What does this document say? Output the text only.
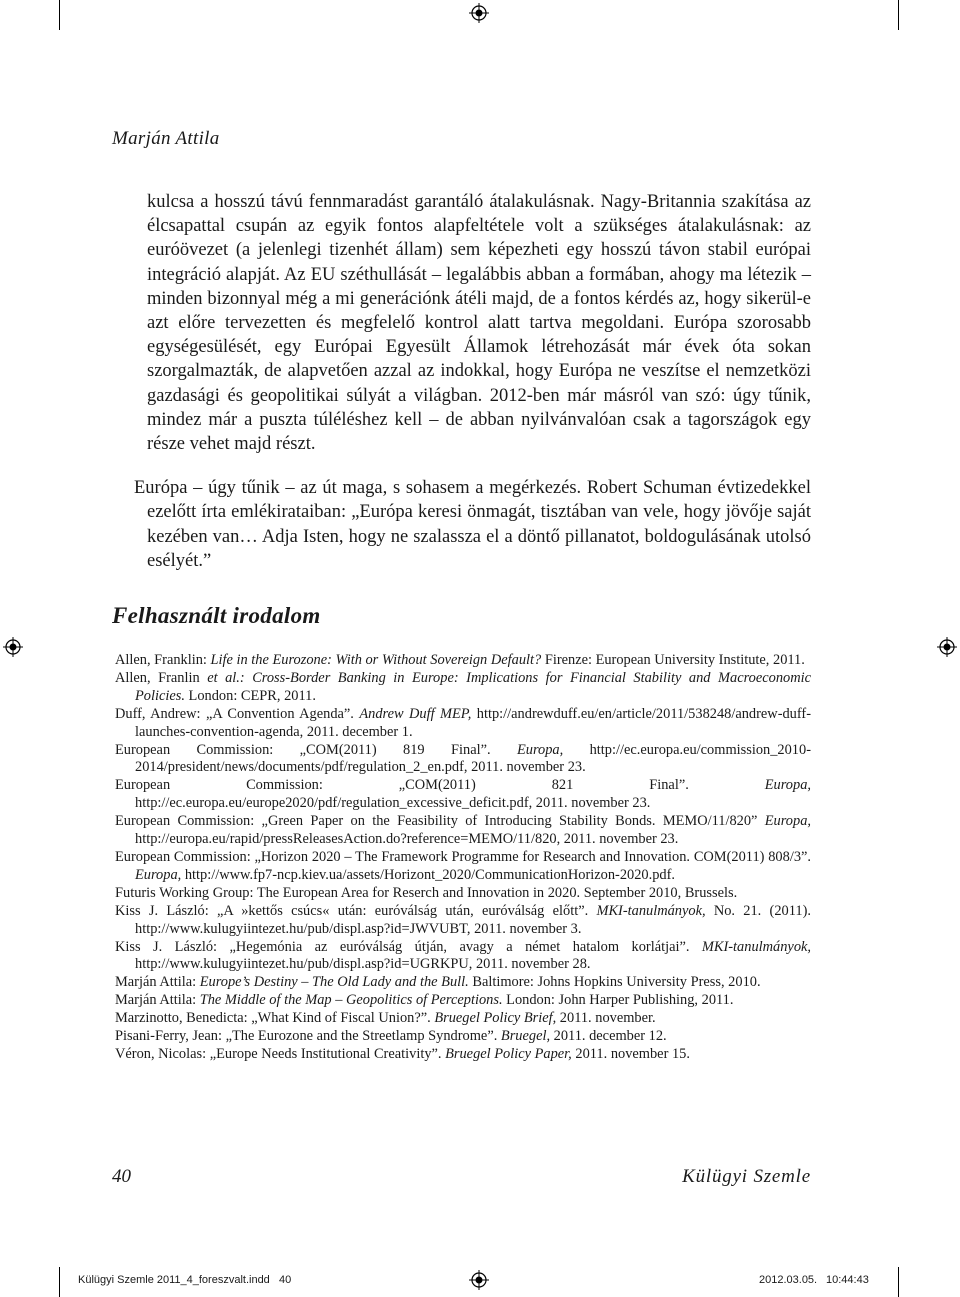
Marján Attila

kulcsa a hosszú távú fennmaradást garantáló átalakulásnak. Nagy-Britannia szakítása az élcsapattal csupán az egyik fontos alapfeltétele volt a szükséges átalakulásnak: az euróövezet (a jelenlegi tizenhét állam) sem képezheti egy hosszú távon stabil európai integráció alapját. Az EU széthullását – legalábbis abban a formában, ahogy ma létezik – minden bizonnyal még a mi generációnk átéli majd, de a fontos kérdés az, hogy sikerül-e azt előre tervezetten és megfelelő kontrol alatt tartva megoldani. Európa szorosabb egységesülését, egy Európai Egyesült Államok létrehozását már évek óta sokan szorgalmazták, de alapvetően azzal az indokkal, hogy Európa ne veszítse el nemzetközi gazdasági és geopolitikai súlyát a világban. 2012-ben már másról van szó: úgy tűnik, mindez már a puszta túléléshez kell – de abban nyilvánvalóan csak a tagországok egy része vehet majd részt.

Európa – úgy tűnik – az út maga, s sohasem a megérkezés. Robert Schuman évtizedekkel ezelőtt írta emlékirataiban: „Európa keresi önmagát, tisztában van vele, hogy jövője saját kezében van… Adja Isten, hogy ne szalassza el a döntő pillanatot, boldogulásának utolsó esélyét.”

Felhasznált irodalom

Allen, Franklin: Life in the Eurozone: With or Without Sovereign Default? Firenze: European University Institute, 2011.

Allen, Franlin et al.: Cross-Border Banking in Europe: Implications for Financial Stability and Macroeconomic Policies. London: CEPR, 2011.

Duff, Andrew: „A Convention Agenda”. Andrew Duff MEP, http://andrewduff.eu/en/article/2011/538248/andrew-duff-launches-convention-agenda, 2011. december 1.

European Commission: „COM(2011) 819 Final”. Europa, http://ec.europa.eu/commission_2010-2014/president/news/documents/pdf/regulation_2_en.pdf, 2011. november 23.

European Commission: „COM(2011) 821 Final”. Europa, http://ec.europa.eu/europe2020/pdf/regulation_excessive_deficit.pdf, 2011. november 23.

European Commission: „Green Paper on the Feasibility of Introducing Stability Bonds. MEMO/11/820” Europa, http://europa.eu/rapid/pressReleasesAction.do?reference=MEMO/11/820, 2011. november 23.

European Commission: „Horizon 2020 – The Framework Programme for Research and Innovation. COM(2011) 808/3”. Europa, http://www.fp7-ncp.kiev.ua/assets/Horizont_2020/CommunicationHorizon-2020.pdf.

Futuris Working Group: The European Area for Reserch and Innovation in 2020. September 2010, Brussels.

Kiss J. László: „A »kettős csúcs« után: euróválság után, euróválság előtt”. MKI-tanulmányok, No. 21. (2011). http://www.kulugyiintezet.hu/pub/displ.asp?id=JWVUBT, 2011. november 3.

Kiss J. László: „Hegemónia az euróválság útján, avagy a német hatalom korlátjai”. MKI-tanulmányok, http://www.kulugyiintezet.hu/pub/displ.asp?id=UGRKPU, 2011. november 28.

Marján Attila: Europe’s Destiny – The Old Lady and the Bull. Baltimore: Johns Hopkins University Press, 2010.

Marján Attila: The Middle of the Map – Geopolitics of Perceptions. London: John Harper Publishing, 2011.

Marzinotto, Benedicta: „What Kind of Fiscal Union?”. Bruegel Policy Brief, 2011. november.

Pisani-Ferry, Jean: „The Eurozone and the Streetlamp Syndrome”. Bruegel, 2011. december 12.

Véron, Nicolas: „Europe Needs Institutional Creativity”. Bruegel Policy Paper, 2011. november 15.

40	Külügyi Szemle
Külügyi Szemle 2011_4_foreszvalt.indd   40	2012.03.05. 10:44:43
